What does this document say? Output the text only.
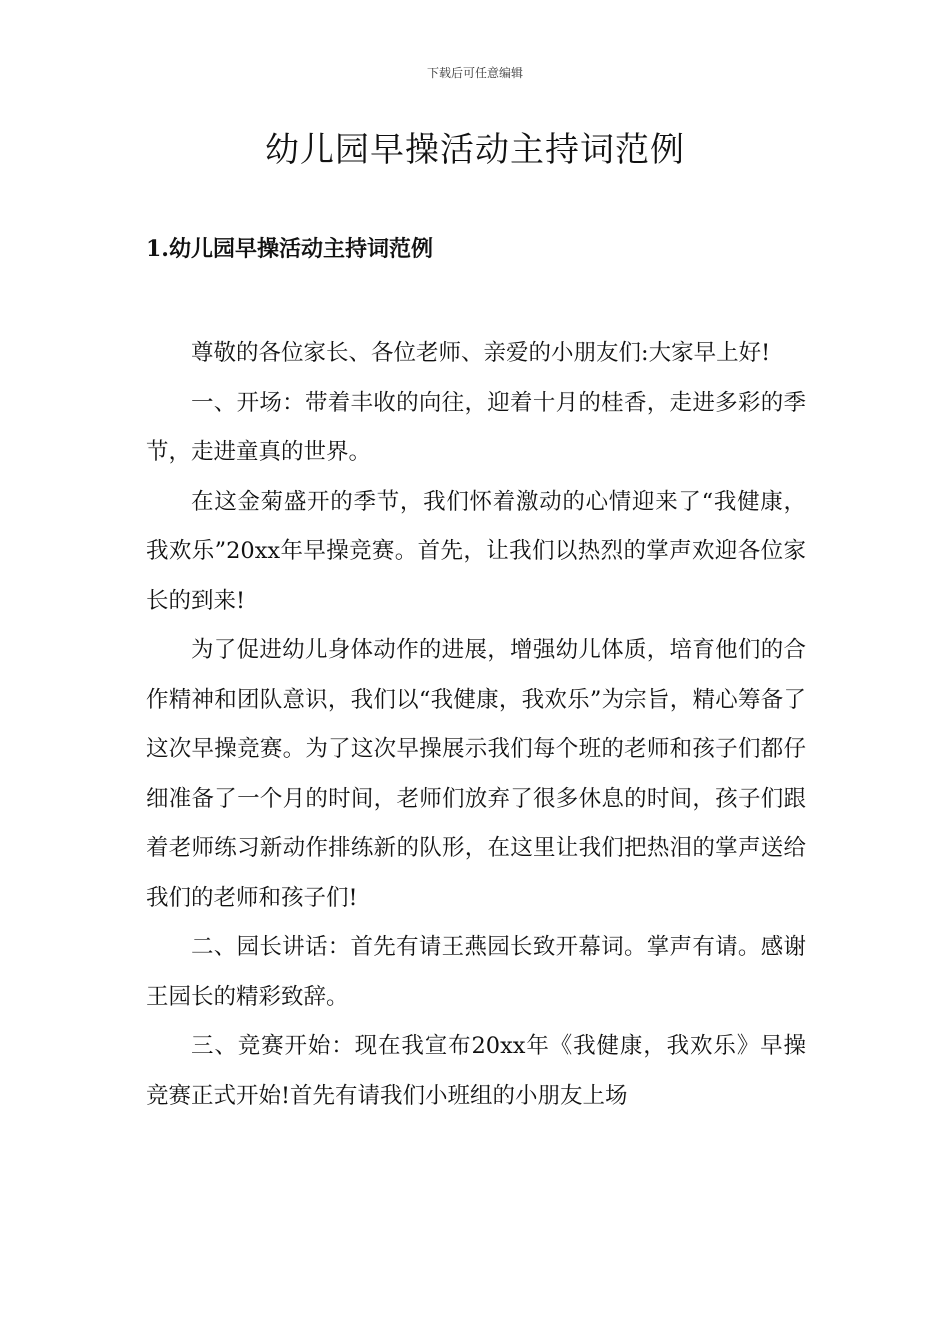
下载后可任意编辑
幼儿园早操活动主持词范例
1.幼儿园早操活动主持词范例

尊敬的各位家长、各位老师、亲爱的小朋友们:大家早上好!

一、开场：带着丰收的向往，迎着十月的桂香，走进多彩的季节，走进童真的世界。

在这金菊盛开的季节，我们怀着激动的心情迎来了“我健康，我欢乐”20xx年早操竞赛。首先，让我们以热烈的掌声欢迎各位家长的到来!

为了促进幼儿身体动作的进展，增强幼儿体质，培育他们的合作精神和团队意识，我们以“我健康，我欢乐”为宗旨，精心筹备了这次早操竞赛。为了这次早操展示我们每个班的老师和孩子们都仔细准备了一个月的时间，老师们放弃了很多休息的时间，孩子们跟着老师练习新动作排练新的队形，在这里让我们把热泪的掌声送给我们的老师和孩子们!

二、园长讲话：首先有请王燕园长致开幕词。掌声有请。感谢王园长的精彩致辞。

三、竞赛开始：现在我宣布20xx年《我健康，我欢乐》早操竞赛正式开始!首先有请我们小班组的小朋友上场
